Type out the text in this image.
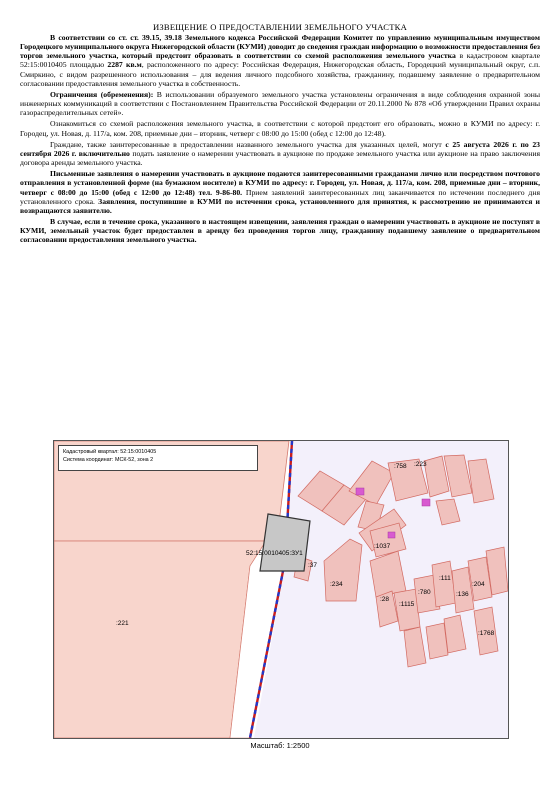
ИЗВЕЩЕНИЕ О ПРЕДОСТАВЛЕНИИ ЗЕМЕЛЬНОГО УЧАСТКА

В соответствии со ст. ст. 39.15, 39.18 Земельного кодекса Российской Федерации Комитет по управлению муниципальным имуществом Городецкого муниципального округа Нижегородской области (КУМИ) доводит до сведения граждан информацию о возможности предоставления без торгов земельного участка, который предстоит образовать в соответствии со схемой расположения земельного участка в кадастровом квартале 52:15:0010405 площадью 2287 кв.м, расположенного по адресу: Российская Федерация, Нижегородская область, Городецкий муниципальный округ, с.п. Смиркино, с видом разрешенного использования – для ведения личного подсобного хозяйства, гражданину, подавшему заявление о предварительном согласовании предоставления земельного участка в собственность.

Ограничения (обременения): В использовании образуемого земельного участка установлены ограничения в виде соблюдения охранной зоны инженерных коммуникаций в соответствии с Постановлением Правительства Российской Федерации от 20.11.2000 № 878 «Об утверждении Правил охраны газораспределительных сетей».

Ознакомиться со схемой расположения земельного участка, в соответствии с которой предстоит его образовать, можно в КУМИ по адресу: г. Городец, ул. Новая, д. 117/а, ком. 208, приемные дни – вторник, четверг с 08:00 до 15:00 (обед с 12:00 до 12:48).

Граждане, также заинтересованные в предоставлении названного земельного участка для указанных целей, могут с 25 августа 2026 г. по 23 сентября 2026 г. включительно подать заявление о намерении участвовать в аукционе по продаже земельного участка или аукционе на право заключения договора аренды земельного участка.

Письменные заявления о намерении участвовать в аукционе подаются заинтересованными гражданами лично или посредством почтового отправления в установленной форме (на бумажном носителе) в КУМИ по адресу: г. Городец, ул. Новая, д. 117/а, ком. 208, приемные дни – вторник, четверг с 08:00 до 15:00 (обед с 12:00 до 12:48) тел. 9-86-80. Прием заявлений заинтересованных лиц заканчивается по истечении последнего дня установленного срока. Заявления, поступившие в КУМИ по истечении срока, установленного для принятия, к рассмотрению не принимаются и возвращаются заявителю.

В случае, если в течение срока, указанного в настоящем извещении, заявления граждан о намерении участвовать в аукционе не поступят в КУМИ, земельный участок будет предоставлен в аренду без проведения торгов лицу, гражданину подавшему заявление о предварительном согласовании предоставления земельного участка.

:221
52:15:0010405:ЗУ1
:37
:234
:758 :223
:1037
:28
:1115
:780
:111
:136
:204
:1768
Кадастровый квартал: 52:15:0010405
Система координат: МСК-52, зона 2
Масштаб: 1:2500
